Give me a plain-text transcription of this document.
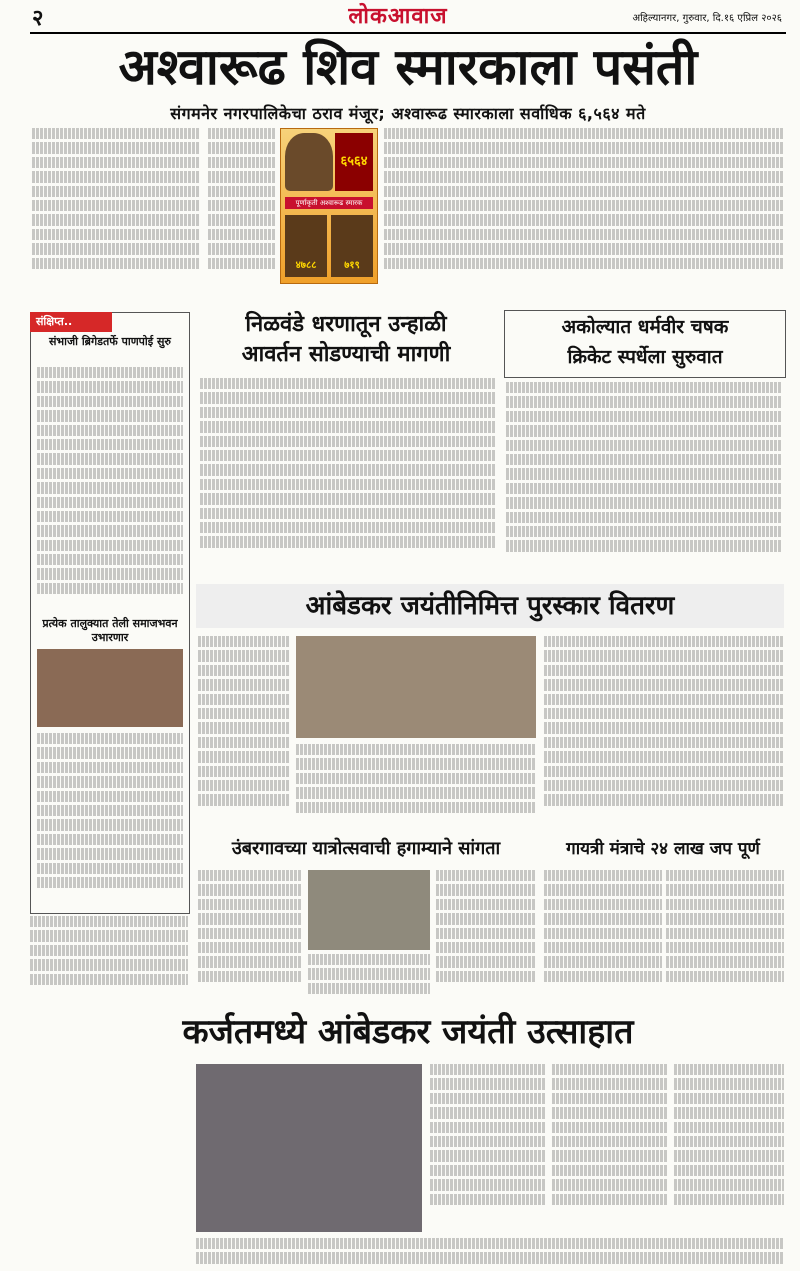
२	लोकआवाज	अहिल्यानगर, गुरुवार, दि.१६ एप्रिल २०२६
अश्वारूढ शिव स्मारकाला पसंती
संगमनेर नगरपालिकेचा ठराव मंजूर; अश्वारूढ स्मारकाला सर्वाधिक ६,५६४ मते
६५६४
पूर्णाकृती अश्वारूढ स्मारक
४७८८	७१९
संक्षिप्त..
संभाजी ब्रिगेडतर्फे पाणपोई सुरु
प्रत्येक तालुक्यात तेली समाजभवन उभारणार
निळवंडे धरणातून उन्हाळी
आवर्तन सोडण्याची मागणी
अकोल्यात धर्मवीर चषक
क्रिकेट स्पर्धेला सुरुवात
आंबेडकर जयंतीनिमित्त पुरस्कार वितरण
उंबरगावच्या यात्रोत्सवाची हगाम्याने सांगता	गायत्री मंत्राचे २४ लाख जप पूर्ण
कर्जतमध्ये आंबेडकर जयंती उत्साहात
